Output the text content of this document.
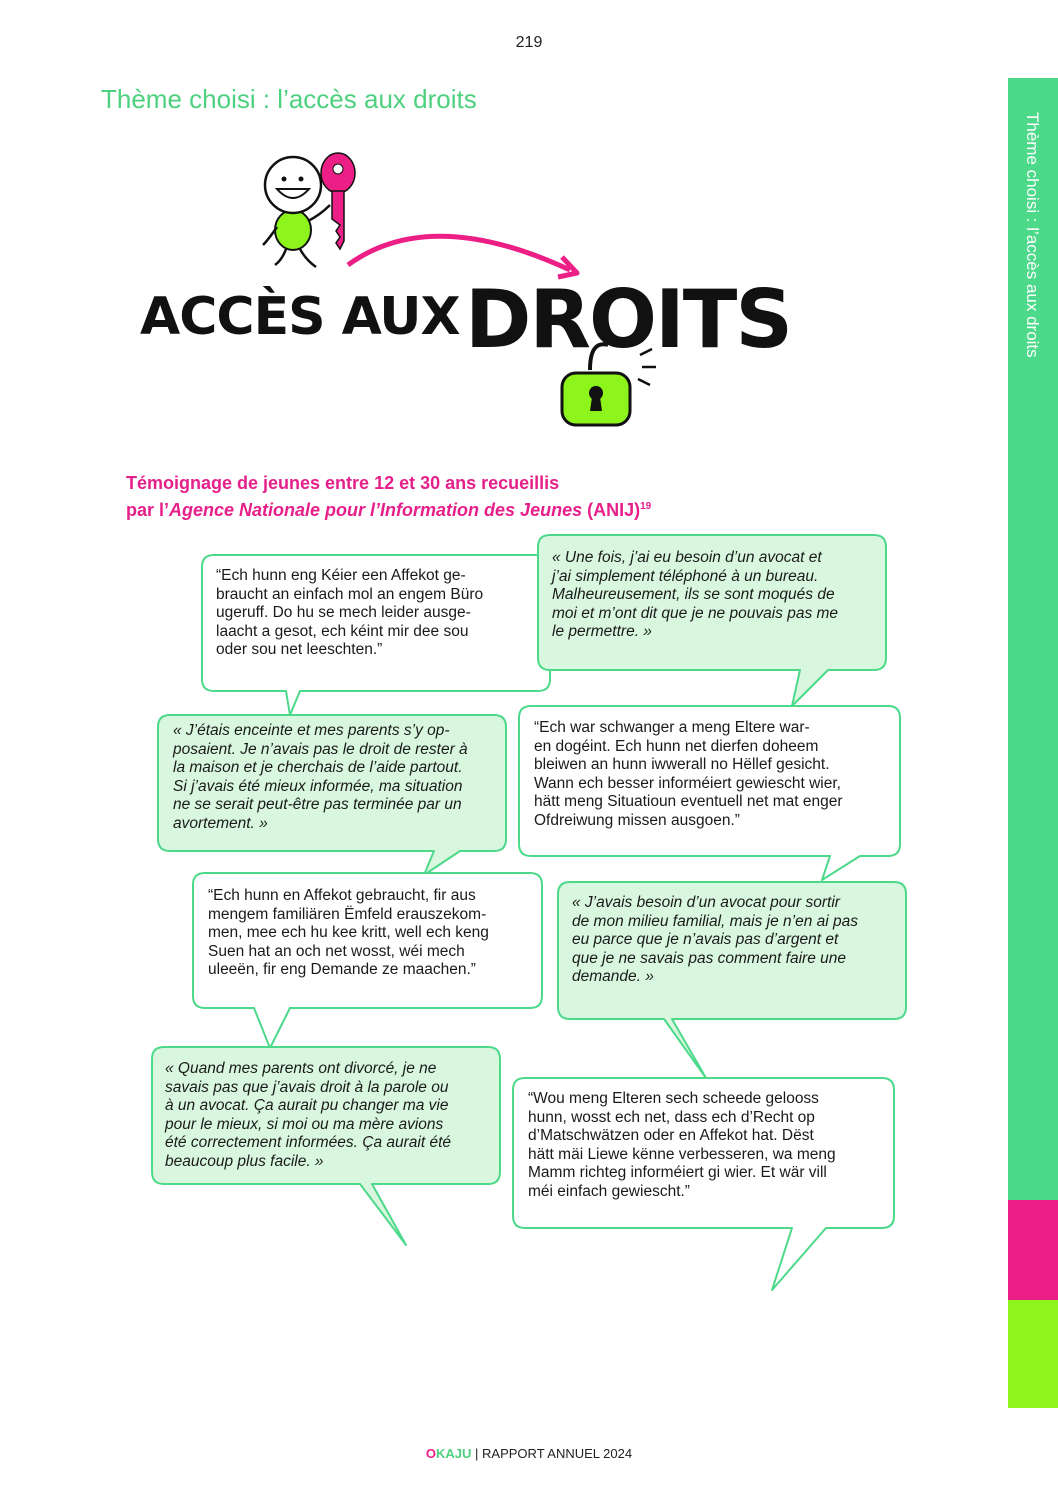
219
Thème choisi : l’accès aux droits
Thème choisi : l’accès aux droits
ACCÈS AUX DROITS
Témoignage de jeunes entre 12 et 30 ans recueillis
par l’Agence Nationale pour l’Information des Jeunes (ANIJ)$^{19}$
“Ech hunn eng Kéier een Affekot ge-
braucht an einfach mol an engem Büro
ugeruff. Do hu se mech leider ausge-
laacht a gesot, ech kéint mir dee sou
oder sou net leeschten.”
« Une fois, j’ai eu besoin d’un avocat et
j’ai simplement téléphoné à un bureau.
Malheureusement, ils se sont moqués de
moi et m’ont dit que je ne pouvais pas me
le permettre. »
« J’étais enceinte et mes parents s’y op-
posaient. Je n’avais pas le droit de rester à
la maison et je cherchais de l’aide partout.
Si j’avais été mieux informée, ma situation
ne se serait peut-être pas terminée par un
avortement. »
“Ech war schwanger a meng Eltere war-
en dogéint. Ech hunn net dierfen doheem
bleiwen an hunn iwwerall no Hëllef gesicht.
Wann ech besser informéiert gewiescht wier,
hätt meng Situatioun eventuell net mat enger
Ofdreiwung missen ausgoen.”
“Ech hunn en Affekot gebraucht, fir aus
mengem familiären Ëmfeld erauszekom-
men, mee ech hu kee kritt, well ech keng
Suen hat an och net wosst, wéi mech
uleeën, fir eng Demande ze maachen.”
« J’avais besoin d’un avocat pour sortir
de mon milieu familial, mais je n’en ai pas
eu parce que je n’avais pas d’argent et
que je ne savais pas comment faire une
demande. »
« Quand mes parents ont divorcé, je ne
savais pas que j’avais droit à la parole ou
à un avocat. Ça aurait pu changer ma vie
pour le mieux, si moi ou ma mère avions
été correctement informées. Ça aurait été
beaucoup plus facile. »
“Wou meng Elteren sech scheede gelooss
hunn, wosst ech net, dass ech d’Recht op
d’Matschwätzen oder en Affekot hat. Dëst
hätt mäi Liewe kënne verbesseren, wa meng
Mamm richteg informéiert gi wier. Et wär vill
méi einfach gewiescht.”
OKAJU | RAPPORT ANNUEL 2024
